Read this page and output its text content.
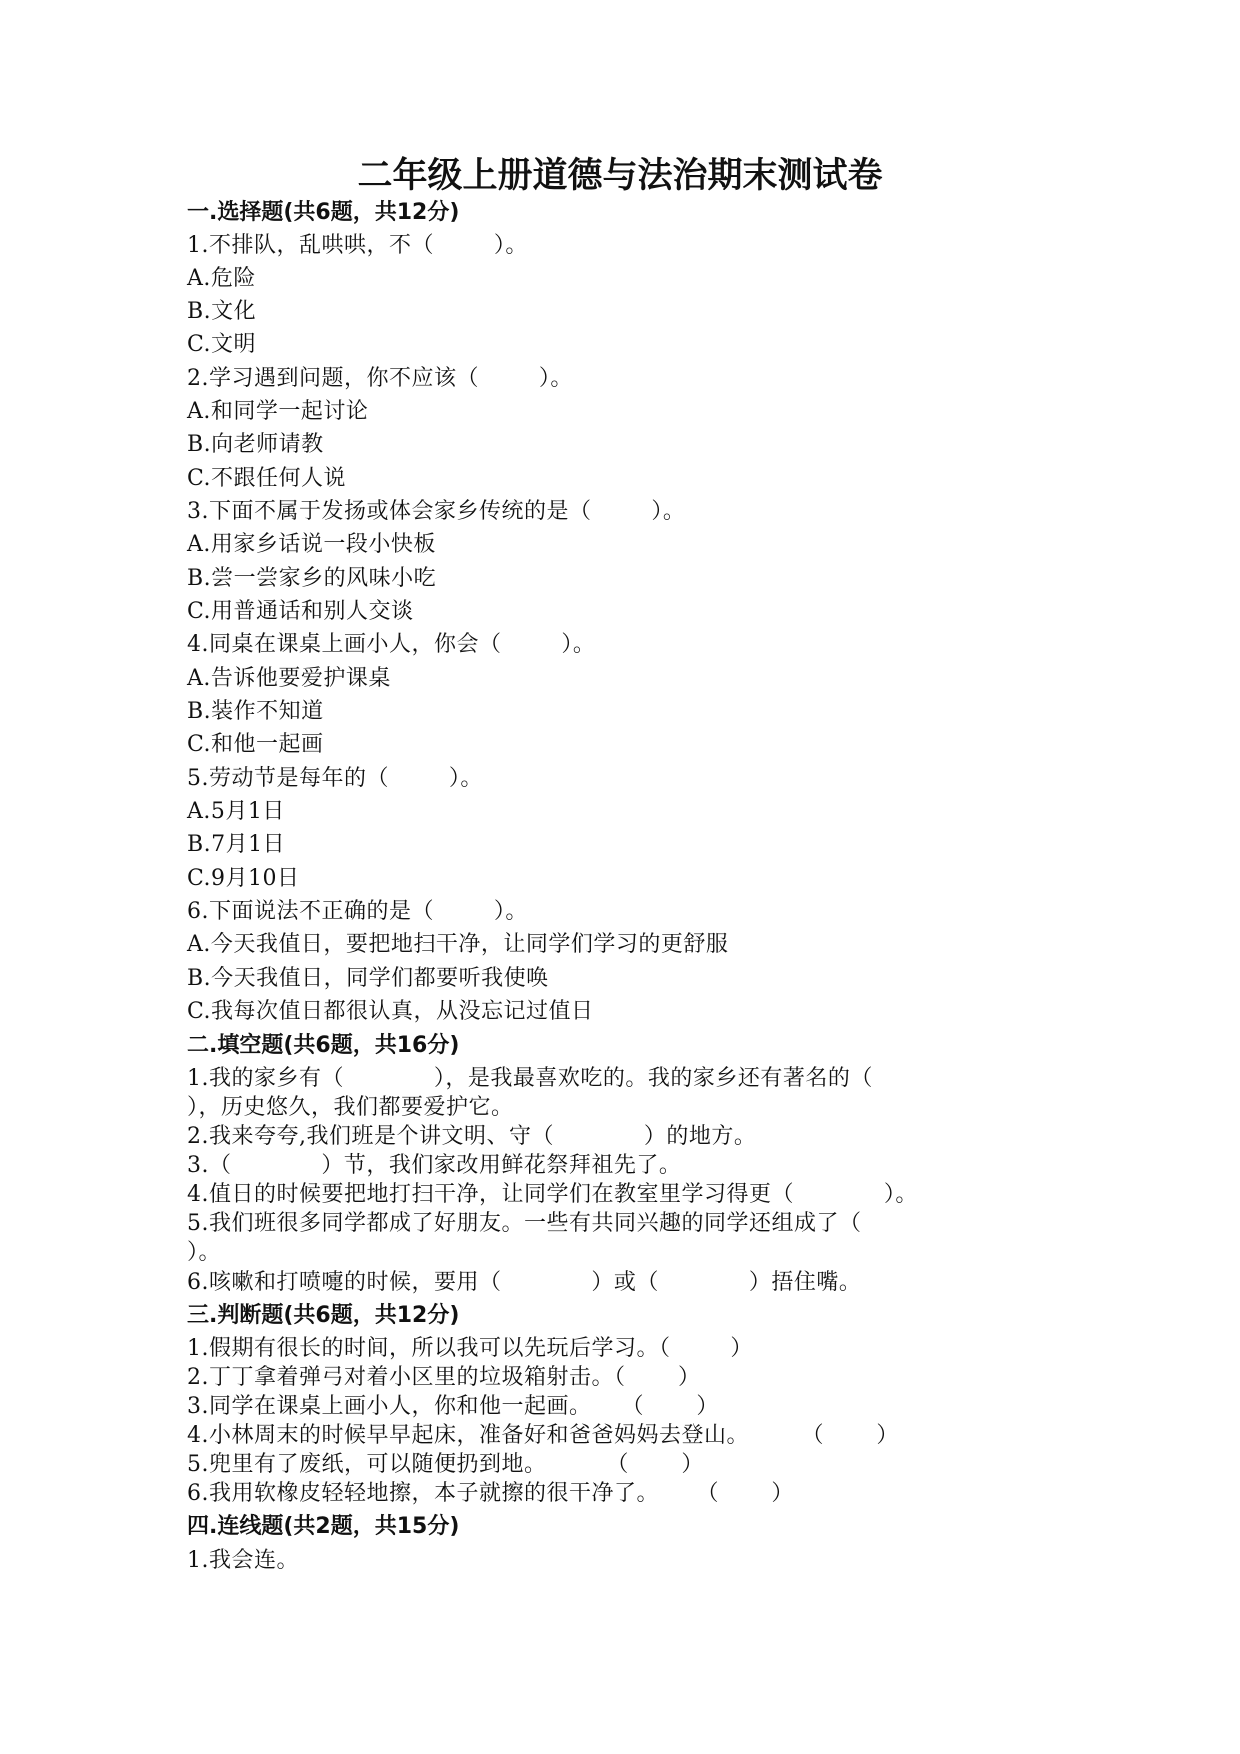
二年级上册道德与法治期末测试卷
一.选择题(共6题，共12分)
1.不排队，乱哄哄，不（        ）。
A.危险
B.文化
C.文明
2.学习遇到问题，你不应该（        ）。
A.和同学一起讨论
B.向老师请教
C.不跟任何人说
3.下面不属于发扬或体会家乡传统的是（        ）。
A.用家乡话说一段小快板
B.尝一尝家乡的风味小吃
C.用普通话和别人交谈
4.同桌在课桌上画小人，你会（        ）。
A.告诉他要爱护课桌
B.装作不知道
C.和他一起画
5.劳动节是每年的（        ）。
A.5月1日
B.7月1日
C.9月10日
6.下面说法不正确的是（        ）。
A.今天我值日，要把地扫干净，让同学们学习的更舒服
B.今天我值日，同学们都要听我使唤
C.我每次值日都很认真，从没忘记过值日
二.填空题(共6题，共16分)
1.我的家乡有（            ），是我最喜欢吃的。我的家乡还有著名的（
），历史悠久，我们都要爱护它。
2.我来夸夸,我们班是个讲文明、守（            ）的地方。
3.（            ）节，我们家改用鲜花祭拜祖先了。
4.值日的时候要把地打扫干净，让同学们在教室里学习得更（            ）。
5.我们班很多同学都成了好朋友。一些有共同兴趣的同学还组成了（
）。
6.咳嗽和打喷嚏的时候，要用（            ）或（            ）捂住嘴。
三.判断题(共6题，共12分)
1.假期有很长的时间，所以我可以先玩后学习。（        ）
2.丁丁拿着弹弓对着小区里的垃圾箱射击。（       ）
3.同学在课桌上画小人，你和他一起画。    （       ）
4.小林周末的时候早早起床，准备好和爸爸妈妈去登山。       （       ）
5.兜里有了废纸，可以随便扔到地。        （       ）
6.我用软橡皮轻轻地擦，本子就擦的很干净了。     （       ）
四.连线题(共2题，共15分)
1.我会连。
